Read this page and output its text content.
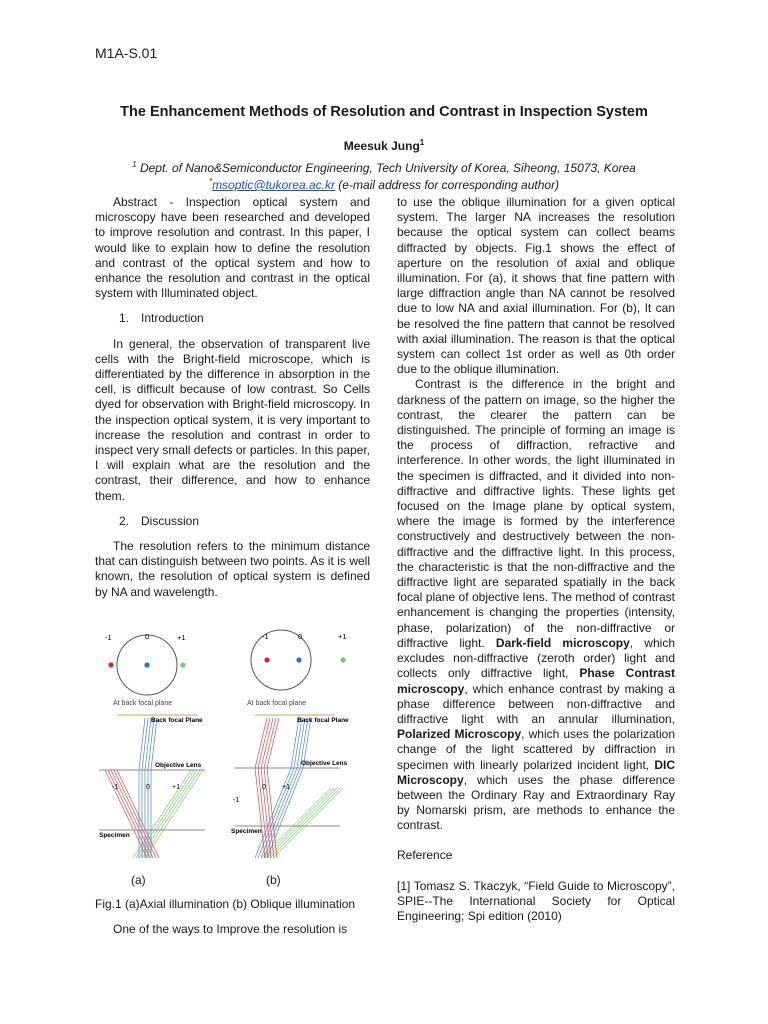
M1A-S.01
The Enhancement Methods of Resolution and Contrast in Inspection System
Meesuk Jung$^1$
$^1$ Dept. of Nano&Semiconductor Engineering, Tech University of Korea, Siheong, 15073, Korea
*msoptic@tukorea.ac.kr (e-mail address for corresponding author)

Abstract - Inspection optical system and microscopy have been researched and developed to improve resolution and contrast. In this paper, I would like to explain how to define the resolution and contrast of the optical system and how to enhance the resolution and contrast in the optical system with Illuminated object.

1. Introduction

In general, the observation of transparent live cells with the Bright-field microscope, which is differentiated by the difference in absorption in the cell, is difficult because of low contrast. So Cells dyed for observation with Bright-field microscopy. In the inspection optical system, it is very important to increase the resolution and contrast in order to inspect very small defects or particles. In this paper, I will explain what are the resolution and the contrast, their difference, and how to enhance them.

2. Discussion

The resolution refers to the minimum distance that can distinguish between two points. As it is well known, the resolution of optical system is defined by NA and wavelength.

-1	0	+1
At back focal plane
-1	0	+1
At back focal plane
Back focal Plane
Objective Lens
Specimen
-1	0	+1
Back focal Plane
Objective Lens
Specimen
-1
0 +1
(a)	(b)

Fig.1 (a)Axial illumination (b) Oblique illumination

One of the ways to Improve the resolution is

to use the oblique illumination for a given optical system. The larger NA increases the resolution because the optical system can collect beams diffracted by objects. Fig.1 shows the effect of aperture on the resolution of axial and oblique illumination. For (a), it shows that fine pattern with large diffraction angle than NA cannot be resolved due to low NA and axial illumination. For (b), It can be resolved the fine pattern that cannot be resolved with axial illumination. The reason is that the optical system can collect 1st order as well as 0th order due to the oblique illumination.

Contrast is the difference in the bright and darkness of the pattern on image, so the higher the contrast, the clearer the pattern can be distinguished. The principle of forming an image is the process of diffraction, refractive and interference. In other words, the light illuminated in the specimen is diffracted, and it divided into non-diffractive and diffractive lights. These lights get focused on the Image plane by optical system, where the image is formed by the interference constructively and destructively between the non-diffractive and the diffractive light. In this process, the characteristic is that the non-diffractive and the diffractive light are separated spatially in the back focal plane of objective lens. The method of contrast enhancement is changing the properties (intensity, phase, polarization) of the non-diffractive or diffractive light. Dark-field microscopy, which excludes non-diffractive (zeroth order) light and collects only diffractive light, Phase Contrast microscopy, which enhance contrast by making a phase difference between non-diffractive and diffractive light with an annular illumination, Polarized Microscopy, which uses the polarization change of the light scattered by diffraction in specimen with linearly polarized incident light, DIC Microscopy, which uses the phase difference between the Ordinary Ray and Extraordinary Ray by Nomarski prism, are methods to enhance the contrast.

Reference

[1] Tomasz S. Tkaczyk, “Field Guide to Microscopy”, SPIE--The International Society for Optical Engineering; Spi edition (2010)
